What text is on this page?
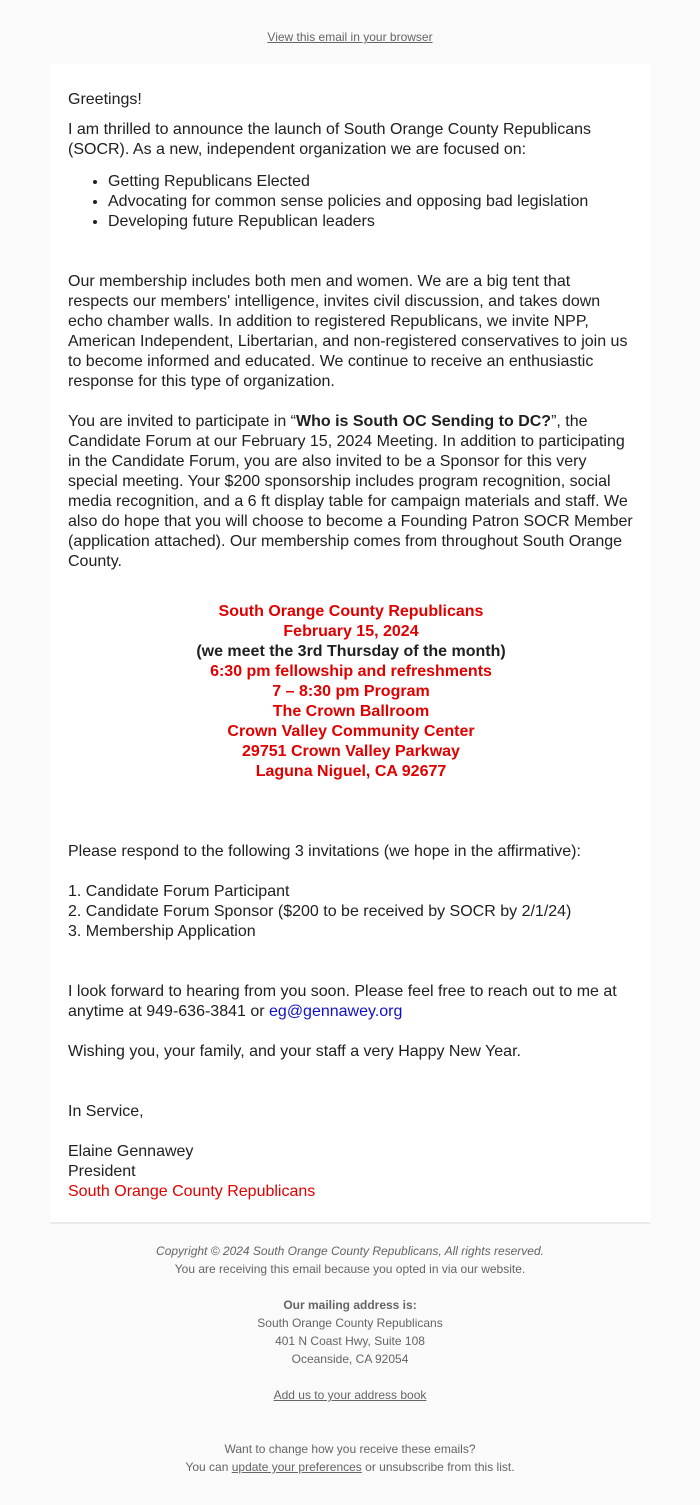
View this email in your browser

Greetings!

I am thrilled to announce the launch of South Orange County Republicans (SOCR). As a new, independent organization we are focused on:

• Getting Republicans Elected
• Advocating for common sense policies and opposing bad legislation
• Developing future Republican leaders

Our membership includes both men and women. We are a big tent that respects our members' intelligence, invites civil discussion, and takes down echo chamber walls. In addition to registered Republicans, we invite NPP, American Independent, Libertarian, and non-registered conservatives to join us to become informed and educated. We continue to receive an enthusiastic response for this type of organization.

You are invited to participate in “Who is South OC Sending to DC?”, the Candidate Forum at our February 15, 2024 Meeting. In addition to participating in the Candidate Forum, you are also invited to be a Sponsor for this very special meeting. Your $200 sponsorship includes program recognition, social media recognition, and a 6 ft display table for campaign materials and staff. We also do hope that you will choose to become a Founding Patron SOCR Member (application attached). Our membership comes from throughout South Orange County.

South Orange County Republicans
February 15, 2024
(we meet the 3rd Thursday of the month)
6:30 pm fellowship and refreshments
7 – 8:30 pm Program
The Crown Ballroom
Crown Valley Community Center
29751 Crown Valley Parkway
Laguna Niguel, CA 92677

Please respond to the following 3 invitations (we hope in the affirmative):

1. Candidate Forum Participant

2. Candidate Forum Sponsor ($200 to be received by SOCR by 2/1/24)

3. Membership Application

I look forward to hearing from you soon. Please feel free to reach out to me at anytime at 949-636-3841 or eg@gennawey.org

Wishing you, your family, and your staff a very Happy New Year.

In Service,

Elaine Gennawey

President

South Orange County Republicans

Copyright © 2024 South Orange County Republicans, All rights reserved.

You are receiving this email because you opted in via our website.

Our mailing address is:

South Orange County Republicans

401 N Coast Hwy, Suite 108

Oceanside, CA 92054

Add us to your address book

Want to change how you receive these emails?

You can update your preferences or unsubscribe from this list.
